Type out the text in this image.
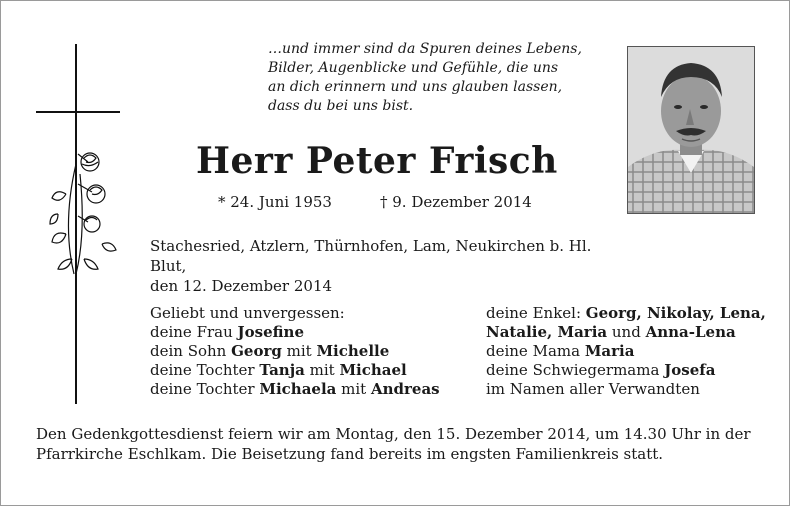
…und immer sind da Spuren deines Lebens,
Bilder, Augenblicke und Gefühle, die uns
an dich erinnern und uns glauben lassen,
dass du bei uns bist.
Herr Peter Frisch
* 24. Juni 1953	† 9. Dezember 2014
Stachesried, Atzlern, Thürnhofen, Lam, Neukirchen b. Hl. Blut,
den 12. Dezember 2014
Geliebt und unvergessen:
deine Frau Josefine
dein Sohn Georg mit Michelle
deine Tochter Tanja mit Michael
deine Tochter Michaela mit Andreas
deine Enkel: Georg, Nikolay, Lena,
Natalie, Maria und Anna-Lena
deine Mama Maria
deine Schwiegermama Josefa
im Namen aller Verwandten
Den Gedenkgottesdienst feiern wir am Montag, den 15. Dezember 2014, um 14.30 Uhr in der Pfarrkirche Eschlkam. Die Beisetzung fand bereits im engsten Familienkreis statt.
